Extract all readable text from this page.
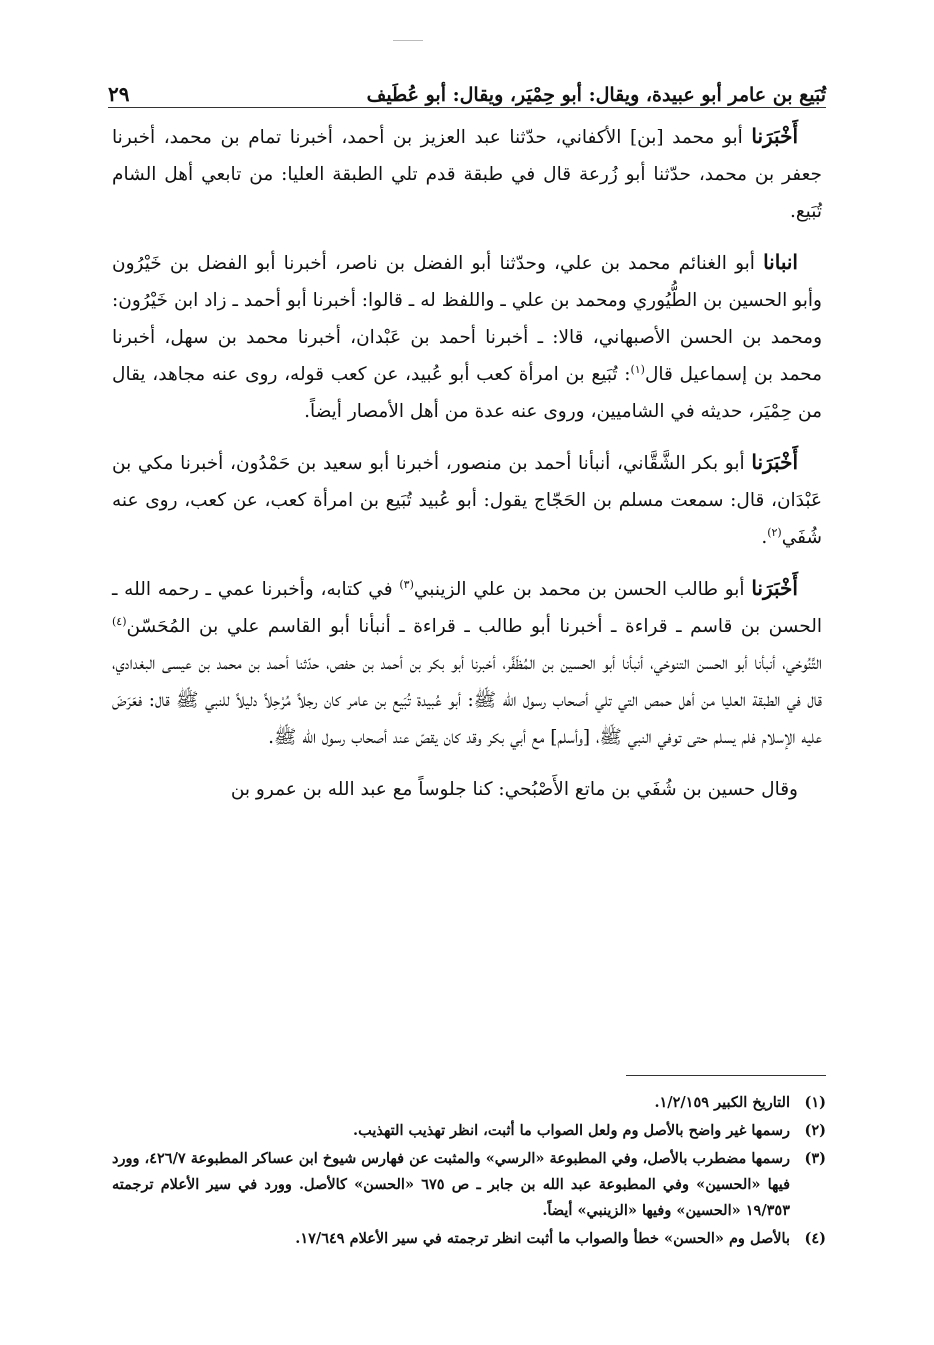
تُبَيع بن عامر أبو عبيدة، ويقال: أبو حِمْيَر، ويقال: أبو عُطَيف
٢٩

أَخْبَرَنا أبو محمد [بن] الأكفاني، حدّثنا عبد العزيز بن أحمد، أخبرنا تمام بن محمد، أخبرنا جعفر بن محمد، حدّثنا أبو زُرعة قال في طبقة قدم تلي الطبقة العليا: من تابعي أهل الشام تُبَيع.

انبانا أبو الغنائم محمد بن علي، وحدّثنا أبو الفضل بن ناصر، أخبرنا أبو الفضل بن خَيْرُون وأبو الحسين بن الطُّيُوري ومحمد بن علي ـ واللفظ له ـ قالوا: أخبرنا أبو أحمد ـ زاد ابن خَيْرُون: ومحمد بن الحسن الأصبهاني، قالا: ـ أخبرنا أحمد بن عَبْدان، أخبرنا محمد بن سهل، أخبرنا محمد بن إسماعيل قال$^{(١)}$: تُبَيع بن امرأة كعب أبو عُبيد، عن كعب قوله، روى عنه مجاهد، يقال من حِمْيَر، حديثه في الشاميين، وروى عنه عدة من أهل الأمصار أيضاً.

أَخْبَرَنا أبو بكر الشَّقَّاني، أنبأنا أحمد بن منصور، أخبرنا أبو سعيد بن حَمْدُون، أخبرنا مكي بن عَبْدَان، قال: سمعت مسلم بن الحَجّاج يقول: أبو عُبيد تُبَيع بن امرأة كعب، عن كعب، روى عنه شُفَي$^{(٢)}$.

أَخْبَرَنا أبو طالب الحسن بن محمد بن علي الزينبي$^{(٣)}$ في كتابه، وأخبرنا عمي ـ رحمه الله ـ الحسن بن قاسم ـ قراءة ـ أخبرنا أبو طالب ـ قراءة ـ أنبأنا أبو القاسم علي بن المُحَسّن$^{(٤)}$ التَّنُوخي، أنبأنا أبو الحسن التنوخي، أنبأنا أبو الحسين بن المُظَفَّر، أخبرنا أبو بكر بن أحمد بن حفص، حدّثنا أحمد بن محمد بن عيسى البغدادي، قال في الطبقة العليا من أهل حمص التي تلي أصحاب رسول الله ﷺ: أبو عُبيدة تُبَيع بن عامر كان رجلاً مُرْحِلاً دليلاً للنبي ﷺ قال: فعَرَضَ عليه الإسلام فلم يسلم حتى توفي النبي ﷺ، [وأسلم] مع أبي بكر وقد كان يقصّ عند أصحاب رسول الله ﷺ.

وقال حسين بن شُفَي بن ماتع الأَصْبُحي: كنا جلوساً مع عبد الله بن عمرو بن

(١)
التاريخ الكبير ١/٢/١٥٩.
(٢)
رسمها غير واضح بالأصل وم ولعل الصواب ما أثبت، انظر تهذيب التهذيب.
(٣)
رسمها مضطرب بالأصل، وفي المطبوعة «الرسي» والمثبت عن فهارس شيوخ ابن عساكر المطبوعة ٤٢٦/٧، وورد فيها «الحسين» وفي المطبوعة عبد الله بن جابر ـ ص ٦٧٥ «الحسن» كالأصل. وورد في سير الأعلام ترجمته ١٩/٣٥٣ «الحسين» وفيها «الزينبي» أيضاً.
(٤)
بالأصل وم «الحسن» خطأ والصواب ما أثبت انظر ترجمته في سير الأعلام ١٧/٦٤٩.
